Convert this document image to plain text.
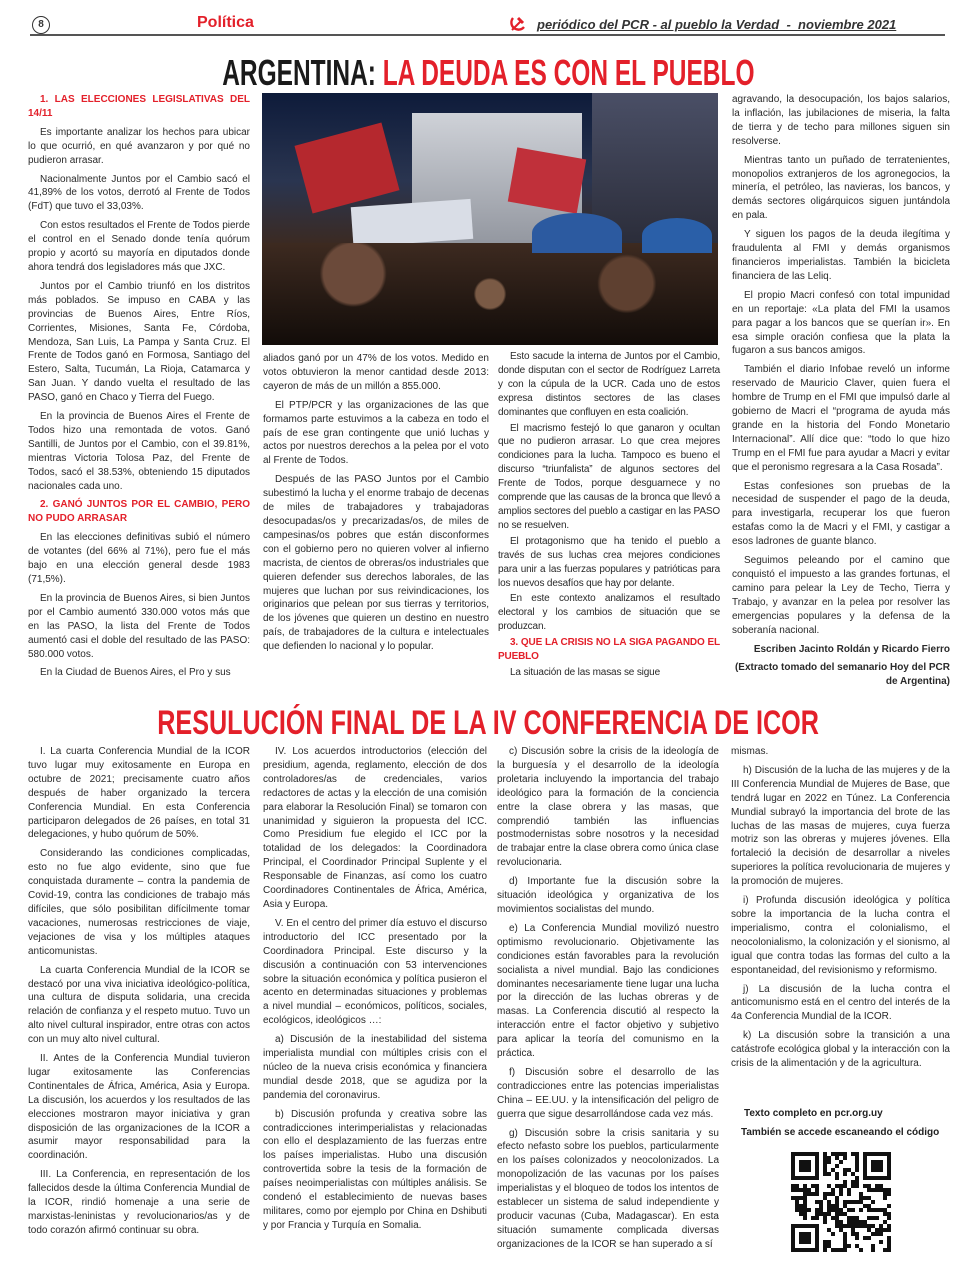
8	Política	periódico del PCR - al pueblo la Verdad  -  noviembre 2021
ARGENTINA: LA DEUDA ES CON EL PUEBLO
1. LAS ELECCIONES LEGISLATIVAS DEL 14/11

Es importante analizar los hechos para ubicar lo que ocurrió, en qué avanzaron y por qué no pudieron arrasar.

Nacionalmente Juntos por el Cambio sacó el 41,89% de los votos, derrotó al Frente de Todos (FdT) que tuvo el 33,03%.

Con estos resultados el Frente de Todos pierde el control en el Senado donde tenía quórum propio y acortó su mayoría en diputados donde ahora tendrá dos legisladores más que JXC.

Juntos por el Cambio triunfó en los distritos más poblados. Se impuso en CABA y las provincias de Buenos Aires, Entre Ríos, Corrientes, Misiones, Santa Fe, Córdoba, Mendoza, San Luis, La Pampa y Santa Cruz. El Frente de Todos ganó en Formosa, Santiago del Estero, Salta, Tucumán, La Rioja, Catamarca y San Juan. Y dando vuelta el resultado de las PASO, ganó en Chaco y Tierra del Fuego.

En la provincia de Buenos Aires el Frente de Todos hizo una remontada de votos. Ganó Santilli, de Juntos por el Cambio, con el 39.81%, mientras Victoria Tolosa Paz, del Frente de Todos, sacó el 38.53%, obteniendo 15 diputados nacionales cada uno.

2. GANÓ JUNTOS POR EL CAMBIO, PERO NO PUDO ARRASAR

En las elecciones definitivas subió el número de votantes (del 66% al 71%), pero fue el más bajo en una elección general desde 1983 (71,5%).

En la provincia de Buenos Aires, si bien Juntos por el Cambio aumentó 330.000 votos más que en las PASO, la lista del Frente de Todos aumentó casi el doble del resultado de las PASO: 580.000 votos.

En la Ciudad de Buenos Aires, el Pro y sus

aliados ganó por un 47% de los votos. Medido en votos obtuvieron la menor cantidad desde 2013: cayeron de más de un millón a 855.000.

El PTP/PCR y las organizaciones de las que formamos parte estuvimos a la cabeza en todo el país de ese gran contingente que unió luchas y actos por nuestros derechos a la pelea por el voto al Frente de Todos.

Después de las PASO Juntos por el Cambio subestimó la lucha y el enorme trabajo de decenas de miles de trabajadores y trabajadoras desocupadas/os y precarizadas/os, de miles de campesinas/os pobres que están disconformes con el gobierno pero no quieren volver al infierno macrista, de cientos de obreras/os industriales que quieren defender sus derechos laborales, de las mujeres que luchan por sus reivindicaciones, los originarios que pelean por sus tierras y territorios, de los jóvenes que quieren un destino en nuestro país, de trabajadores de la cultura e intelectuales que defienden lo nacional y lo popular.

Esto sacude la interna de Juntos por el Cambio, donde disputan con el sector de Rodríguez Larreta y con la cúpula de la UCR. Cada uno de estos expresa distintos sectores de las clases dominantes que confluyen en esta coalición.

El macrismo festejó lo que ganaron y ocultan que no pudieron arrasar. Lo que crea mejores condiciones para la lucha. Tampoco es bueno el discurso “triunfalista” de algunos sectores del Frente de Todos, porque desguarnece y no comprende que las causas de la bronca que llevó a amplios sectores del pueblo a castigar en las PASO no se resuelven.

El protagonismo que ha tenido el pueblo a través de sus luchas crea mejores condiciones para unir a las fuerzas populares y patrióticas para los nuevos desafíos que hay por delante.

En este contexto analizamos el resultado electoral y los cambios de situación que se produzcan.

3. QUE LA CRISIS NO LA SIGA PAGANDO EL PUEBLO

La situación de las masas se sigue

agravando, la desocupación, los bajos salarios, la inflación, las jubilaciones de miseria, la falta de tierra y de techo para millones siguen sin resolverse.

Mientras tanto un puñado de terratenientes, monopolios extranjeros de los agronegocios, la minería, el petróleo, las navieras, los bancos, y demás sectores oligárquicos siguen juntándola en pala.

Y siguen los pagos de la deuda ilegítima y fraudulenta al FMI y demás organismos financieros imperialistas. También la bicicleta financiera de las Leliq.

El propio Macri confesó con total impunidad en un reportaje: «La plata del FMI la usamos para pagar a los bancos que se querían ir». En esa simple oración confiesa que la plata la fugaron a sus bancos amigos.

También el diario Infobae reveló un informe reservado de Mauricio Claver, quien fuera el hombre de Trump en el FMI que impulsó darle al gobierno de Macri el “programa de ayuda más grande en la historia del Fondo Monetario Internacional”. Allí dice que: “todo lo que hizo Trump en el FMI fue para ayudar a Macri y evitar que el peronismo regresara a la Casa Rosada”.

Estas confesiones son pruebas de la necesidad de suspender el pago de la deuda, para investigarla, recuperar los que fueron estafas como la de Macri y el FMI, y castigar a esos ladrones de guante blanco.

Seguimos peleando por el camino que conquistó el impuesto a las grandes fortunas, el camino para pelear la Ley de Techo, Tierra y Trabajo, y avanzar en la pelea por resolver las emergencias populares y la defensa de la soberanía nacional.

Escriben Jacinto Roldán y Ricardo Fierro

(Extracto tomado del semanario Hoy del PCR de Argentina)

RESULUCIÓN FINAL DE LA IV CONFERENCIA DE ICOR

I. La cuarta Conferencia Mundial de la ICOR tuvo lugar muy exitosamente en Europa en octubre de 2021; precisamente cuatro años después de haber organizado la tercera Conferencia Mundial. En esta Conferencia participaron delegados de 26 países, en total 31 delegaciones, y hubo quórum de 50%.

Considerando las condiciones complicadas, esto no fue algo evidente, sino que fue conquistada duramente – contra la pandemia de Covid-19, contra las condiciones de trabajo más difíciles, que sólo posibilitan difícilmente tomar vacaciones, numerosas restricciones de viaje, vejaciones de visa y los múltiples ataques anticomunistas.

La cuarta Conferencia Mundial de la ICOR se destacó por una viva iniciativa ideológico-política, una cultura de disputa solidaria, una crecida relación de confianza y el respeto mutuo. Tuvo un alto nivel cultural inspirador, entre otras con actos con un muy alto nivel cultural.

II. Antes de la Conferencia Mundial tuvieron lugar exitosamente las Conferencias Continentales de África, América, Asia y Europa. La discusión, los acuerdos y los resultados de las elecciones mostraron mayor iniciativa y gran disposición de las organizaciones de la ICOR a asumir mayor responsabilidad para la coordinación.

III. La Conferencia, en representación de los fallecidos desde la última Conferencia Mundial de la ICOR, rindió homenaje a una serie de marxistas-leninistas y revolucionarios/as y de todo corazón afirmó continuar su obra.

IV. Los acuerdos introductorios (elección del presidium, agenda, reglamento, elección de dos controladores/as de credenciales, varios redactores de actas y la elección de una comisión para elaborar la Resolución Final) se tomaron con unanimidad y siguieron la propuesta del ICC. Como Presidium fue elegido el ICC por la totalidad de los delegados: la Coordinadora Principal, el Coordinador Principal Suplente y el Responsable de Finanzas, así como los cuatro Coordinadores Continentales de África, América, Asia y Europa.

V. En el centro del primer día estuvo el discurso introductorio del ICC presentado por la Coordinadora Principal. Este discurso y la discusión a continuación con 53 intervenciones sobre la situación económica y política pusieron el acento en determinadas situaciones y problemas a nivel mundial – económicos, políticos, sociales, ecológicos, ideológicos …:

a) Discusión de la inestabilidad del sistema imperialista mundial con múltiples crisis con el núcleo de la nueva crisis económica y financiera mundial desde 2018, que se agudiza por la pandemia del coronavirus.

b) Discusión profunda y creativa sobre las contradicciones interimperialistas y relacionadas con ello el desplazamiento de las fuerzas entre los países imperialistas. Hubo una discusión controvertida sobre la tesis de la formación de países neoimperialistas con múltiples análisis. Se condenó el establecimiento de nuevas bases militares, como por ejemplo por China en Dshibuti y por Francia y Turquía en Somalia.

c) Discusión sobre la crisis de la ideología de la burguesía y el desarrollo de la ideología proletaria incluyendo la importancia del trabajo ideológico para la formación de la conciencia entre la clase obrera y las masas, que comprendió también las influencias postmodernistas sobre nosotros y la necesidad de trabajar entre la clase obrera como única clase revolucionaria.

d) Importante fue la discusión sobre la situación ideológica y organizativa de los movimientos socialistas del mundo.

e) La Conferencia Mundial movilizó nuestro optimismo revolucionario. Objetivamente las condiciones están favorables para la revolución socialista a nivel mundial. Bajo las condiciones dominantes necesariamente tiene lugar una lucha por la dirección de las luchas obreras y de masas. La Conferencia discutió al respecto la interacción entre el factor objetivo y subjetivo para aplicar la teoría del comunismo en la práctica.

f) Discusión sobre el desarrollo de las contradicciones entre las potencias imperialistas China – EE.UU. y la intensificación del peligro de guerra que sigue desarrollándose cada vez más.

g) Discusión sobre la crisis sanitaria y su efecto nefasto sobre los pueblos, particularmente en los países colonizados y neocolonizados. La monopolización de las vacunas por los países imperialistas y el bloqueo de todos los intentos de establecer un sistema de salud independiente y producir vacunas (Cuba, Madagascar). En esta situación sumamente complicada diversas organizaciones de la ICOR se han superado a sí

mismas.

h) Discusión de la lucha de las mujeres y de la III Conferencia Mundial de Mujeres de Base, que tendrá lugar en 2022 en Túnez. La Conferencia Mundial subrayó la importancia del brote de las luchas de las masas de mujeres, cuya fuerza motriz son las obreras y mujeres jóvenes. Ella fortaleció la decisión de desarrollar a niveles superiores la política revolucionaria de mujeres y la promoción de mujeres.

i) Profunda discusión ideológica y política sobre la importancia de la lucha contra el imperialismo, contra el colonialismo, el neocolonialismo, la colonización y el sionismo, al igual que contra todas las formas del culto a la espontaneidad, del revisionismo y reformismo.

j) La discusión de la lucha contra el anticomunismo está en el centro del interés de la 4a Conferencia Mundial de la ICOR.

k) La discusión sobre la transición a una catástrofe ecológica global y la interacción con la crisis de la alimentación y de la agricultura.

Texto completo en pcr.org.uy
También se accede escaneando el código
